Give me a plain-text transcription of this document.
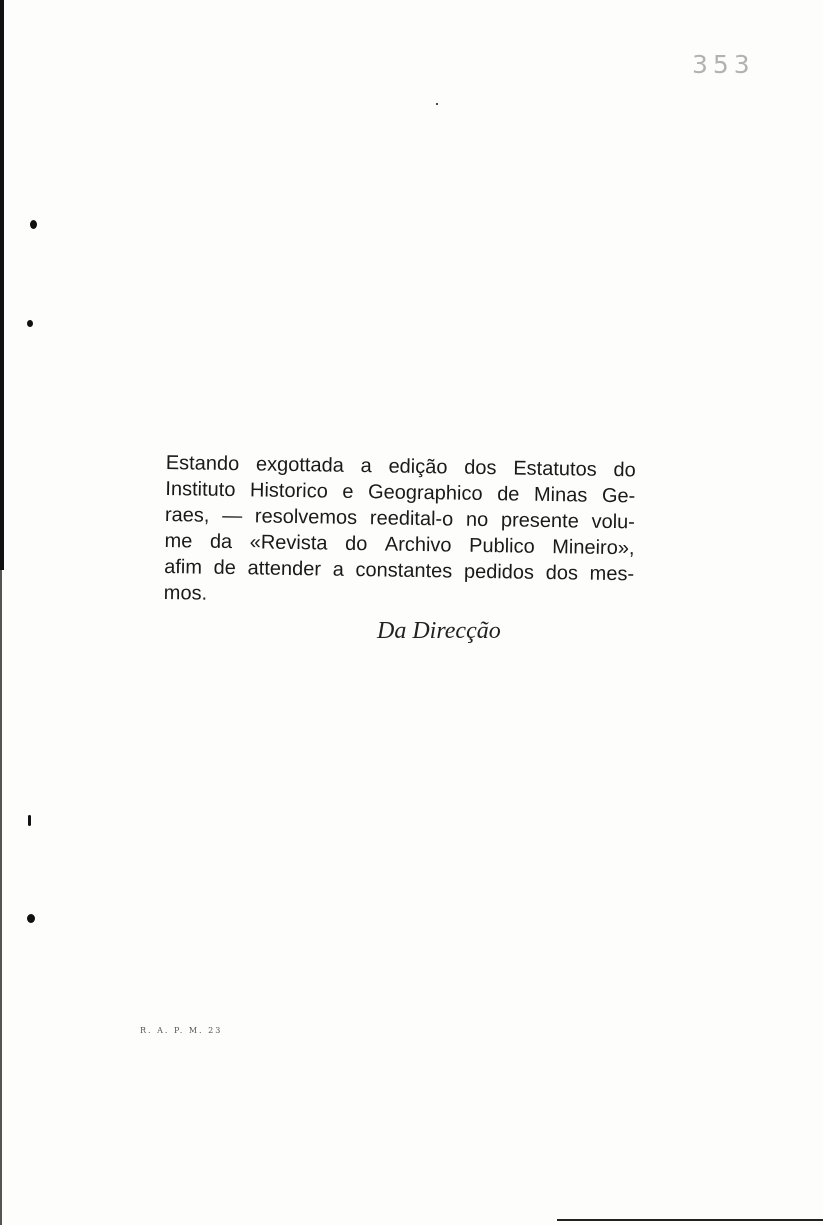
353
Estando exgottada a edição dos Estatutos do
Instituto Historico e Geographico de Minas Ge-
raes, — resolvemos reedital-o no presente volu-
me da «Revista do Archivo Publico Mineiro»,
afim de attender a constantes pedidos dos mes-
mos.
Da Direcção
R. A. P. M. 23
